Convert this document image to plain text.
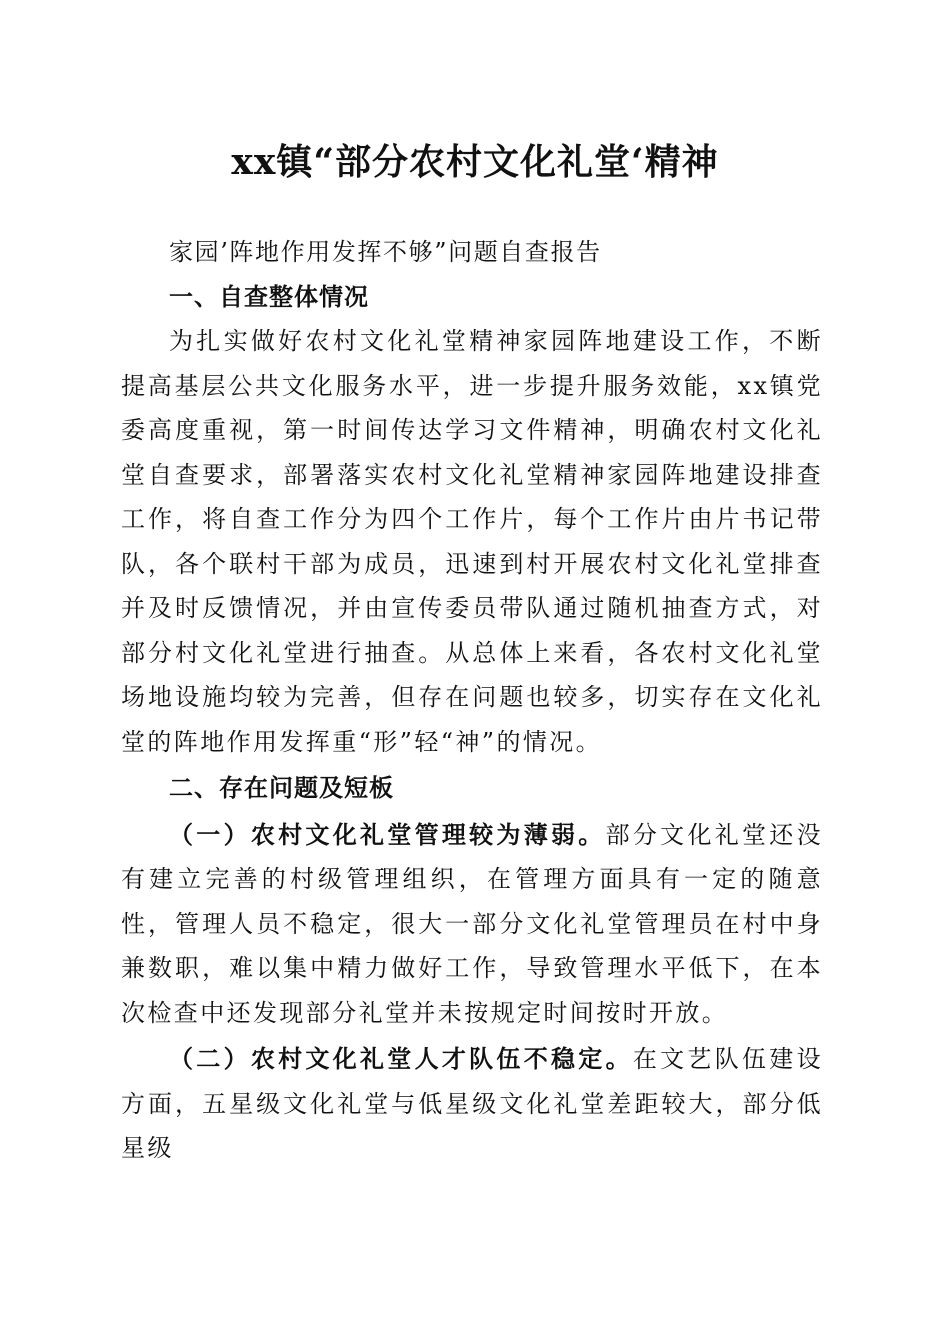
xx镇“部分农村文化礼堂‘精神

家园’阵地作用发挥不够”问题自查报告

一、自查整体情况

为扎实做好农村文化礼堂精神家园阵地建设工作，不断提高基层公共文化服务水平，进一步提升服务效能，xx镇党委高度重视，第一时间传达学习文件精神，明确农村文化礼堂自查要求，部署落实农村文化礼堂精神家园阵地建设排查工作，将自查工作分为四个工作片，每个工作片由片书记带队，各个联村干部为成员，迅速到村开展农村文化礼堂排查并及时反馈情况，并由宣传委员带队通过随机抽查方式，对部分村文化礼堂进行抽查。从总体上来看，各农村文化礼堂场地设施均较为完善，但存在问题也较多，切实存在文化礼堂的阵地作用发挥重“形”轻“神”的情况。

二、存在问题及短板

（一）农村文化礼堂管理较为薄弱。部分文化礼堂还没有建立完善的村级管理组织，在管理方面具有一定的随意性，管理人员不稳定，很大一部分文化礼堂管理员在村中身兼数职，难以集中精力做好工作，导致管理水平低下，在本次检查中还发现部分礼堂并未按规定时间按时开放。

（二）农村文化礼堂人才队伍不稳定。在文艺队伍建设方面，五星级文化礼堂与低星级文化礼堂差距较大，部分低星级
